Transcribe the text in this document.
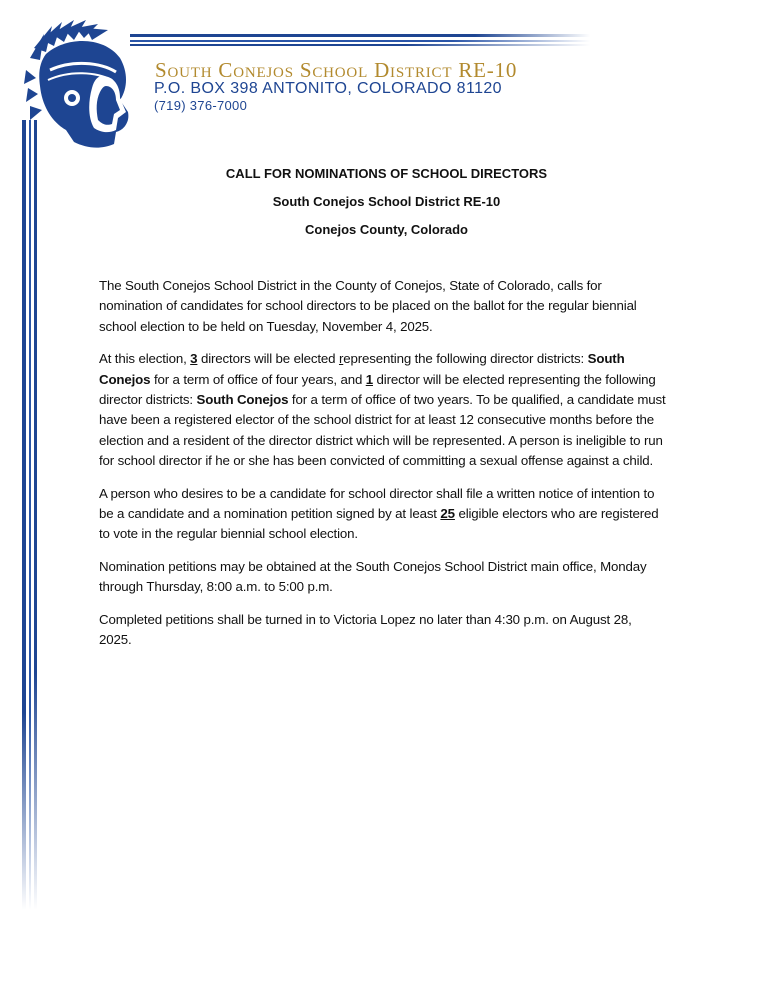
South Conejos School District RE-10
P.O. BOX 398 ANTONITO, COLORADO 81120
(719) 376-7000
CALL FOR NOMINATIONS OF SCHOOL DIRECTORS
South Conejos School District RE-10
Conejos County, Colorado

The South Conejos School District in the County of Conejos, State of Colorado, calls for nomination of candidates for school directors to be placed on the ballot for the regular biennial school election to be held on Tuesday, November 4, 2025.

At this election, 3 directors will be elected representing the following director districts: South Conejos for a term of office of four years, and 1 director will be elected representing the following director districts: South Conejos for a term of office of two years. To be qualified, a candidate must have been a registered elector of the school district for at least 12 consecutive months before the election and a resident of the director district which will be represented. A person is ineligible to run for school director if he or she has been convicted of committing a sexual offense against a child.

A person who desires to be a candidate for school director shall file a written notice of intention to be a candidate and a nomination petition signed by at least 25 eligible electors who are registered to vote in the regular biennial school election.

Nomination petitions may be obtained at the South Conejos School District main office, Monday through Thursday, 8:00 a.m. to 5:00 p.m.

Completed petitions shall be turned in to Victoria Lopez no later than 4:30 p.m. on August 28, 2025.
